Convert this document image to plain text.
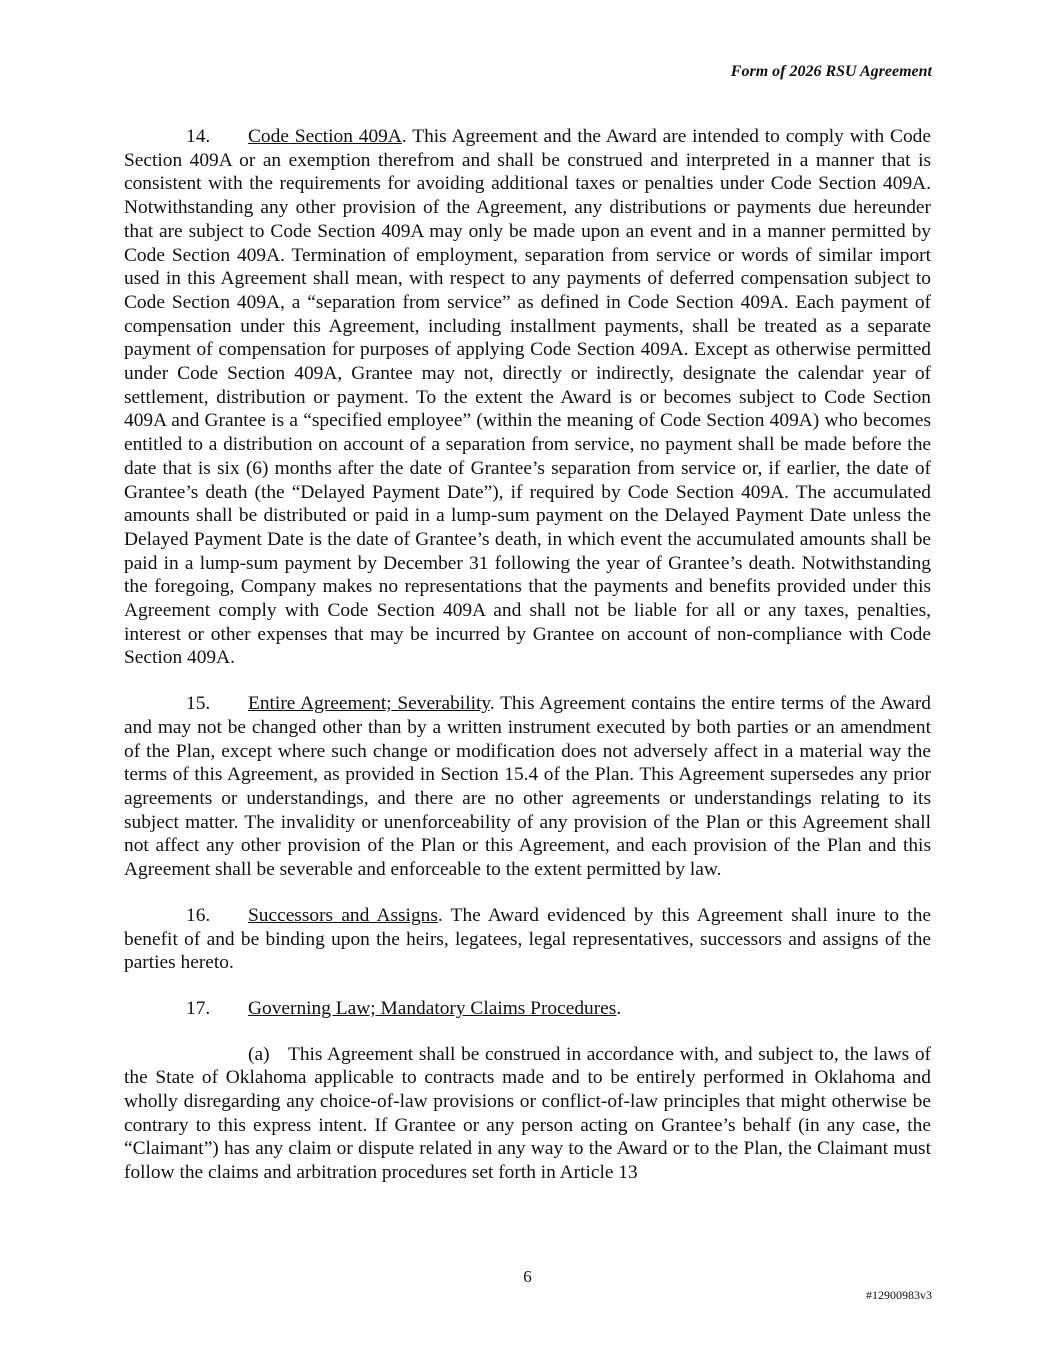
Form of 2026 RSU Agreement

14. Code Section 409A. This Agreement and the Award are intended to comply with Code Section 409A or an exemption therefrom and shall be construed and interpreted in a manner that is consistent with the requirements for avoiding additional taxes or penalties under Code Section 409A. Notwithstanding any other provision of the Agreement, any distributions or payments due hereunder that are subject to Code Section 409A may only be made upon an event and in a manner permitted by Code Section 409A. Termination of employment, separation from service or words of similar import used in this Agreement shall mean, with respect to any payments of deferred compensation subject to Code Section 409A, a “separation from service” as defined in Code Section 409A. Each payment of compensation under this Agreement, including installment payments, shall be treated as a separate payment of compensation for purposes of applying Code Section 409A. Except as otherwise permitted under Code Section 409A, Grantee may not, directly or indirectly, designate the calendar year of settlement, distribution or payment. To the extent the Award is or becomes subject to Code Section 409A and Grantee is a “specified employee” (within the meaning of Code Section 409A) who becomes entitled to a distribution on account of a separation from service, no payment shall be made before the date that is six (6) months after the date of Grantee’s separation from service or, if earlier, the date of Grantee’s death (the “Delayed Payment Date”), if required by Code Section 409A. The accumulated amounts shall be distributed or paid in a lump-sum payment on the Delayed Payment Date unless the Delayed Payment Date is the date of Grantee’s death, in which event the accumulated amounts shall be paid in a lump-sum payment by December 31 following the year of Grantee’s death. Notwithstanding the foregoing, Company makes no representations that the payments and benefits provided under this Agreement comply with Code Section 409A and shall not be liable for all or any taxes, penalties, interest or other expenses that may be incurred by Grantee on account of non-compliance with Code Section 409A.

15. Entire Agreement; Severability. This Agreement contains the entire terms of the Award and may not be changed other than by a written instrument executed by both parties or an amendment of the Plan, except where such change or modification does not adversely affect in a material way the terms of this Agreement, as provided in Section 15.4 of the Plan. This Agreement supersedes any prior agreements or understandings, and there are no other agreements or understandings relating to its subject matter. The invalidity or unenforceability of any provision of the Plan or this Agreement shall not affect any other provision of the Plan or this Agreement, and each provision of the Plan and this Agreement shall be severable and enforceable to the extent permitted by law.

16. Successors and Assigns. The Award evidenced by this Agreement shall inure to the benefit of and be binding upon the heirs, legatees, legal representatives, successors and assigns of the parties hereto.

17. Governing Law; Mandatory Claims Procedures.

(a) This Agreement shall be construed in accordance with, and subject to, the laws of the State of Oklahoma applicable to contracts made and to be entirely performed in Oklahoma and wholly disregarding any choice-of-law provisions or conflict-of-law principles that might otherwise be contrary to this express intent. If Grantee or any person acting on Grantee’s behalf (in any case, the “Claimant”) has any claim or dispute related in any way to the Award or to the Plan, the Claimant must follow the claims and arbitration procedures set forth in Article 13

6

#12900983v3
